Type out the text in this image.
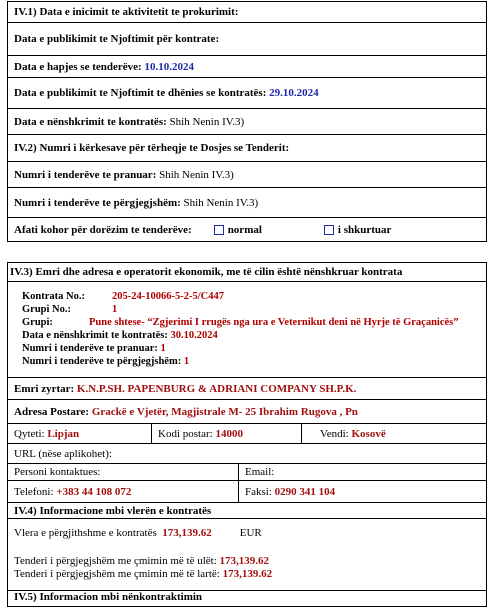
IV.1) Data e inicimit te aktivitetit te prokurimit:
Data e publikimit te Njoftimit për kontrate:
Data e hapjes se tenderëve:
10.10.2024
Data e publikimit te Njoftimit te dhënies se kontratës:
29.10.2024
Data e nënshkrimit te kontratës:
Shih Nenin IV.3)
IV.2) Numri i kërkesave për tërheqje te Dosjes se Tenderit:
Numri i tenderëve te pranuar:
Shih Nenin IV.3)
Numri i tenderëve te përgjegjshëm:
Shih Nenin IV.3)
Afati kohor për dorëzim te tenderëve:	normal	i shkurtuar
IV.3) Emri dhe adresa e operatorit ekonomik, me të cilin është nënshkruar kontrata
Kontrata No.:	205-24-10066-5-2-5/C447
Grupi No.:	1
Grupi:	Pune shtese- “Zgjerimi I rrugës nga ura e Veternikut deni në Hyrje të Graçanicës”
Data e nënshkrimit te kontratës: 30.10.2024
Numri i tenderëve te pranuar: 1
Numri i tenderëve te përgjegjshëm: 1
Emri zyrtar:
K.N.P.SH. PAPENBURG & ADRIANI COMPANY SH.P.K.
Adresa Postare:
Grackë e Vjetër, Magjistrale M- 25 Ibrahim Rugova , Pn
Qyteti:
Lipjan	Kodi postar:
14000	Vendi:
Kosovë
URL (nëse aplikohet):
Personi kontaktues:	Email:
Telefoni:
+383 44 108 072	Faksi:
0290 341 104
IV.4) Informacione mbi vlerën e kontratës
Vlera e përgjithshme e kontratës 173,139.62	EUR
Tenderi i përgjegjshëm me çmimin më të ulët: 173,139.62
Tenderi i përgjegjshëm me çmimin më të lartë: 173,139.62
IV.5) Informacion mbi nënkontraktimin
